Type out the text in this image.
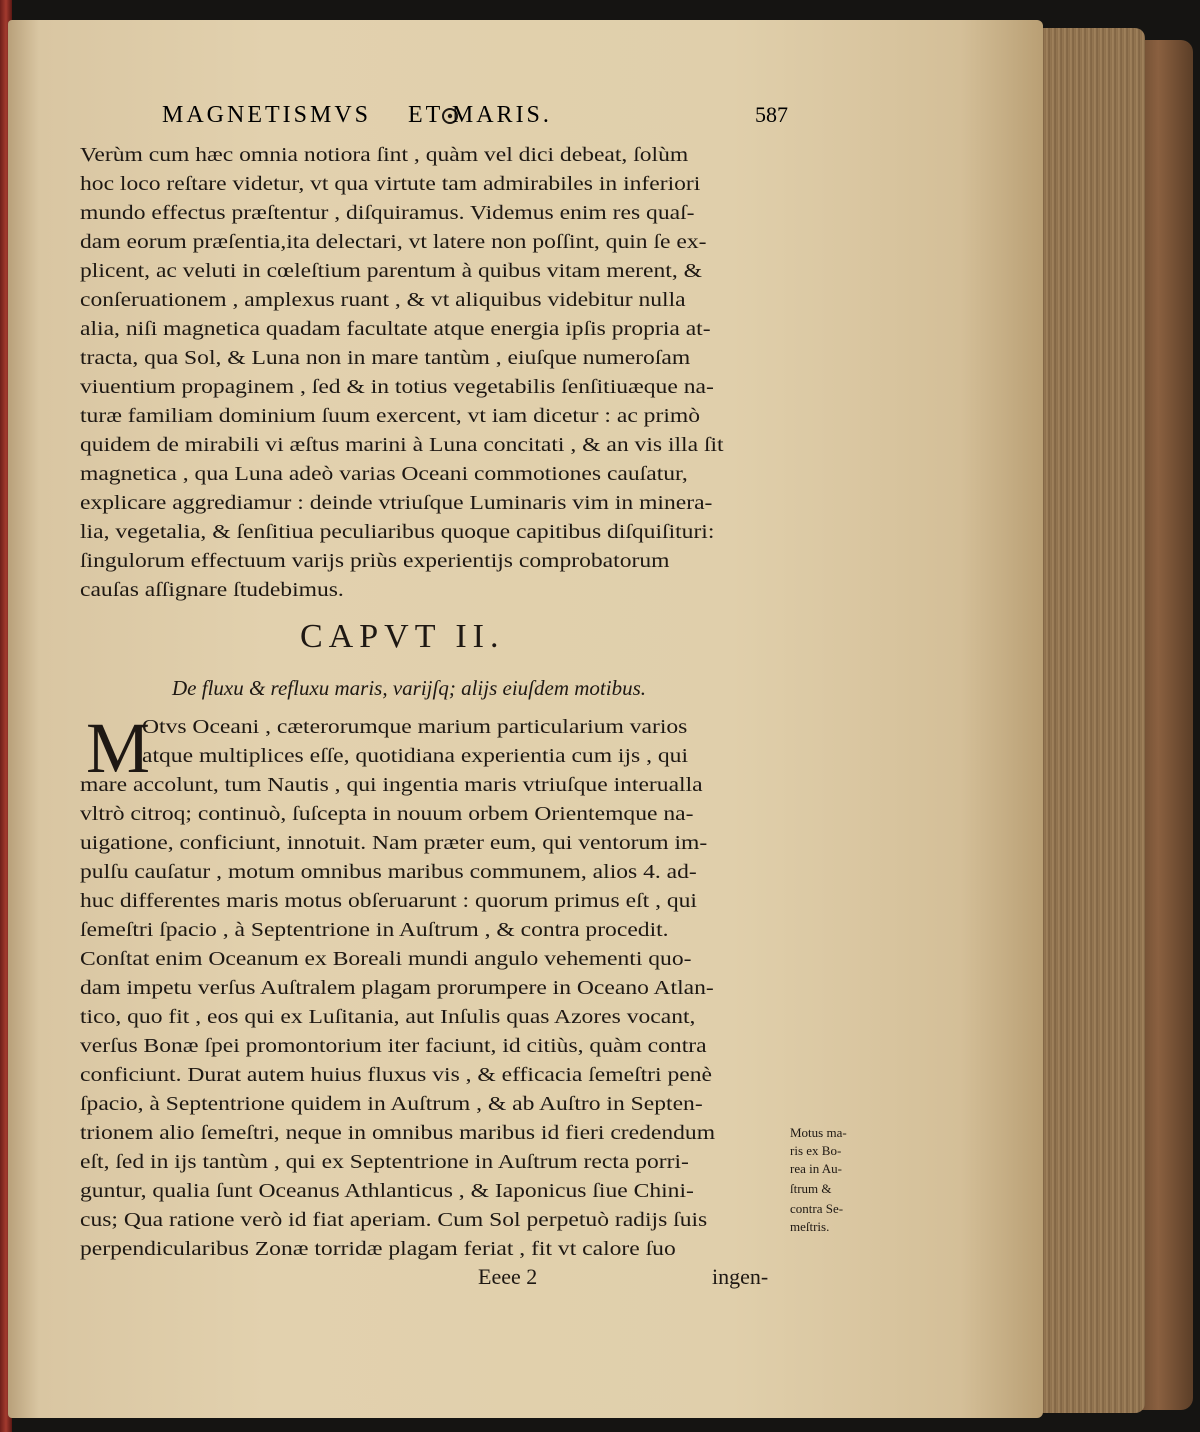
MAGNETISMVS ET MARIS.	587
Verùm cum hæc omnia notiora ſint , quàm vel dici debeat, ſolùm
hoc loco reſtare videtur, vt qua virtute tam admirabiles in inferiori
mundo effectus præſtentur , diſquiramus. Videmus enim res quaſ-
dam eorum præſentia,ita delectari, vt latere non poſſint, quin ſe ex-
plicent, ac veluti in cœleſtium parentum à quibus vitam merent, &
conſeruationem , amplexus ruant , & vt aliquibus videbitur nulla
alia, niſi magnetica quadam facultate atque energia ipſis propria at-
tracta, qua Sol, & Luna non in mare tantùm , eiuſque numeroſam
viuentium propaginem , ſed & in totius vegetabilis ſenſitiuæque na-
turæ familiam dominium ſuum exercent, vt iam dicetur : ac primò
quidem de mirabili vi æſtus marini à Luna concitati , & an vis illa ſit
magnetica , qua Luna adeò varias Oceani commotiones cauſatur,
explicare aggrediamur : deinde vtriuſque Luminaris vim in minera-
lia, vegetalia, & ſenſitiua peculiaribus quoque capitibus diſquiſituri:
ſingulorum effectuum varijs priùs experientijs comprobatorum
cauſas aſſignare ſtudebimus.
CAPVT II.
De fluxu & refluxu maris, varijſq; alijs eiuſdem motibus.
M
Otvs Oceani , cæterorumque marium particularium varios
atque multiplices eſſe, quotidiana experientia cum ijs , qui
mare accolunt, tum Nautis , qui ingentia maris vtriuſque interualla
vltrò citroq; continuò, ſuſcepta in nouum orbem Orientemque na-
uigatione, conficiunt, innotuit. Nam præter eum, qui ventorum im-
pulſu cauſatur , motum omnibus maribus communem, alios 4. ad-
huc differentes maris motus obſeruarunt : quorum primus eſt , qui
ſemeſtri ſpacio , à Septentrione in Auſtrum , & contra procedit.
Conſtat enim Oceanum ex Boreali mundi angulo vehementi quo-
dam impetu verſus Auſtralem plagam prorumpere in Oceano Atlan-
tico, quo fit , eos qui ex Luſitania, aut Inſulis quas Azores vocant,
verſus Bonæ ſpei promontorium iter faciunt, id citiùs, quàm contra
conficiunt. Durat autem huius fluxus vis , & efficacia ſemeſtri penè
ſpacio, à Septentrione quidem in Auſtrum , & ab Auſtro in Septen-
trionem alio ſemeſtri, neque in omnibus maribus id fieri credendum
eſt, ſed in ijs tantùm , qui ex Septentrione in Auſtrum recta porri-
guntur, qualia ſunt Oceanus Athlanticus , & Iaponicus ſiue Chini-
cus; Qua ratione verò id fiat aperiam. Cum Sol perpetuò radijs ſuis
perpendicularibus Zonæ torridæ plagam feriat , fit vt calore ſuo
Motus ma-
ris ex Bo-
rea in Au-
ſtrum &
contra Se-
meſtris.
Eeee 2	ingen-
